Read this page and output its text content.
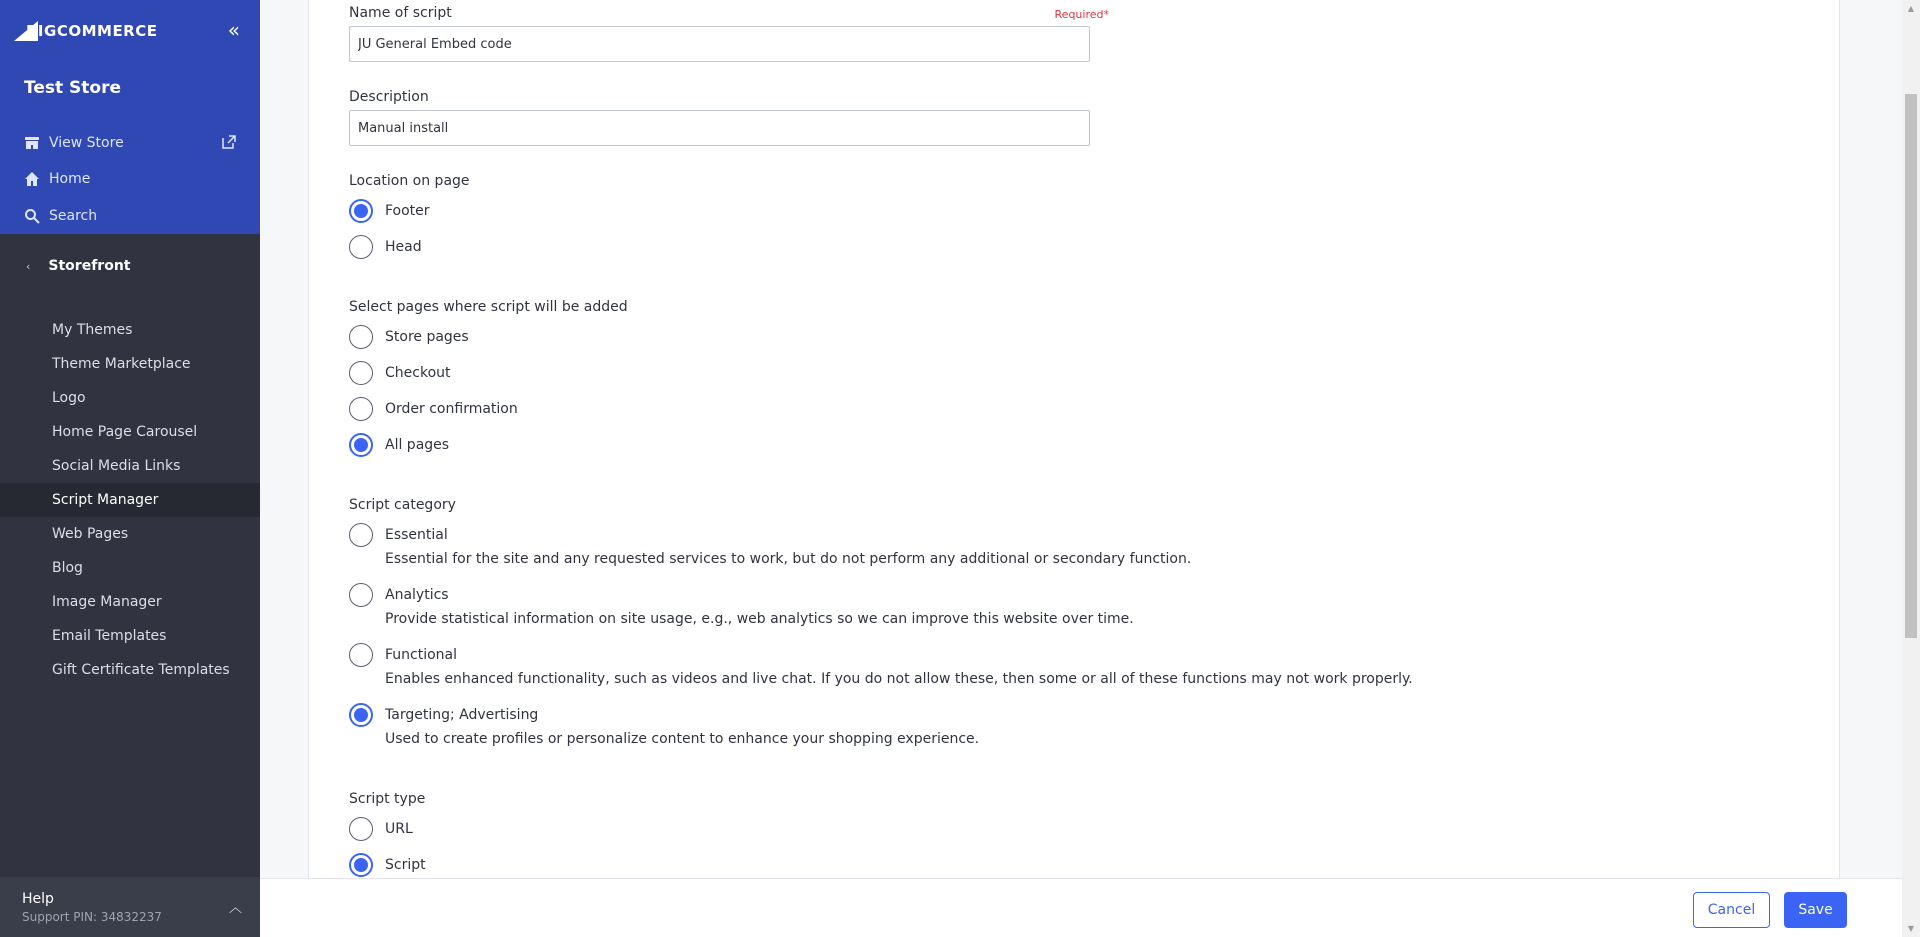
BIGCOMMERCE	«
Test Store
View Store
Home
Search
‹ Storefront
My Themes
Theme Marketplace
Logo
Home Page Carousel
Social Media Links
Script Manager
Web Pages
Blog
Image Manager
Email Templates
Gift Certificate Templates
Help
Support PIN: 34832237
︿
Name of script	Required*
JU General Embed code
Description
Manual install
Location on page
Footer
Head
Select pages where script will be added
Store pages
Checkout
Order confirmation
All pages
Script category
Essential
Essential for the site and any requested services to work, but do not perform any additional or secondary function.
Analytics
Provide statistical information on site usage, e.g., web analytics so we can improve this website over time.
Functional
Enables enhanced functionality, such as videos and live chat. If you do not allow these, then some or all of these functions may not work properly.
Targeting; Advertising
Used to create profiles or personalize content to enhance your shopping experience.
Script type
URL
Script
Cancel	Save
▲
▼
